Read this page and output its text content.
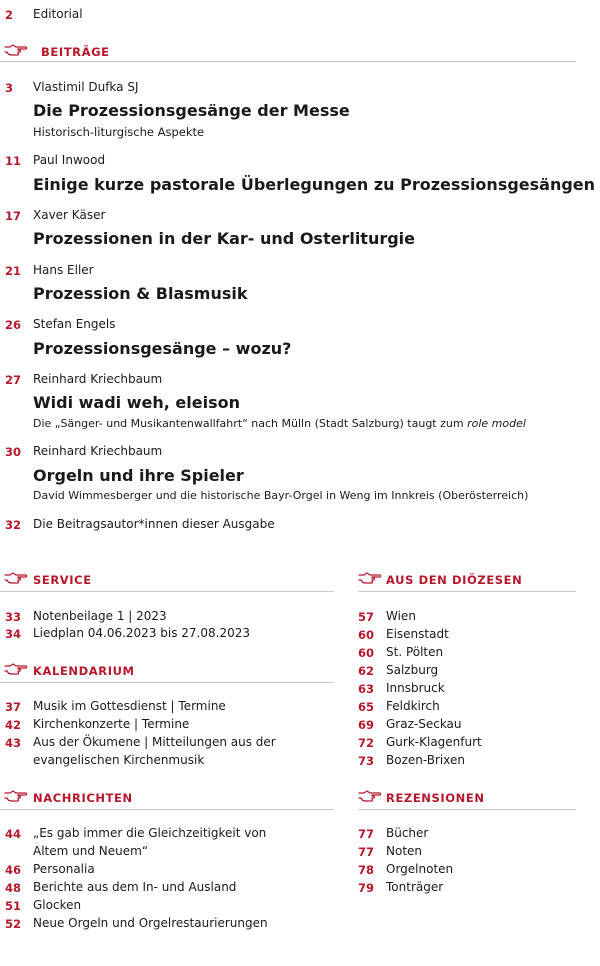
2 Editorial
BEITRÄGE
3 Vlastimil Dufka SJ
Die Prozessionsgesänge der Messe
Historisch-liturgische Aspekte
11 Paul Inwood
Einige kurze pastorale Überlegungen zu Prozessionsgesängen
17 Xaver Käser
Prozessionen in der Kar- und Osterliturgie
21 Hans Eller
Prozession & Blasmusik
26 Stefan Engels
Prozessionsgesänge – wozu?
27 Reinhard Kriechbaum
Widi wadi weh, eleison
Die „Sänger- und Musikantenwallfahrt“ nach Mülln (Stadt Salzburg) taugt zum role model
30 Reinhard Kriechbaum
Orgeln und ihre Spieler
David Wimmesberger und die historische Bayr-Orgel in Weng im Innkreis (Oberösterreich)
32 Die Beitragsautor*innen dieser Ausgabe
SERVICE
33 Notenbeilage 1 | 2023
34 Liedplan 04.06.2023 bis 27.08.2023
KALENDARIUM
37 Musik im Gottesdienst | Termine
42 Kirchenkonzerte | Termine
43 Aus der Ökumene | Mitteilungen aus der
evangelischen Kirchenmusik
NACHRICHTEN
44 „Es gab immer die Gleichzeitigkeit von
Altem und Neuem“
46 Personalia
48 Berichte aus dem In- und Ausland
51 Glocken
52 Neue Orgeln und Orgelrestaurierungen
AUS DEN DIÖZESEN
57 Wien
60 Eisenstadt
60 St. Pölten
62 Salzburg
63 Innsbruck
65 Feldkirch
69 Graz-Seckau
72 Gurk-Klagenfurt
73 Bozen-Brixen
REZENSIONEN
77 Bücher
77 Noten
78 Orgelnoten
79 Tonträger
